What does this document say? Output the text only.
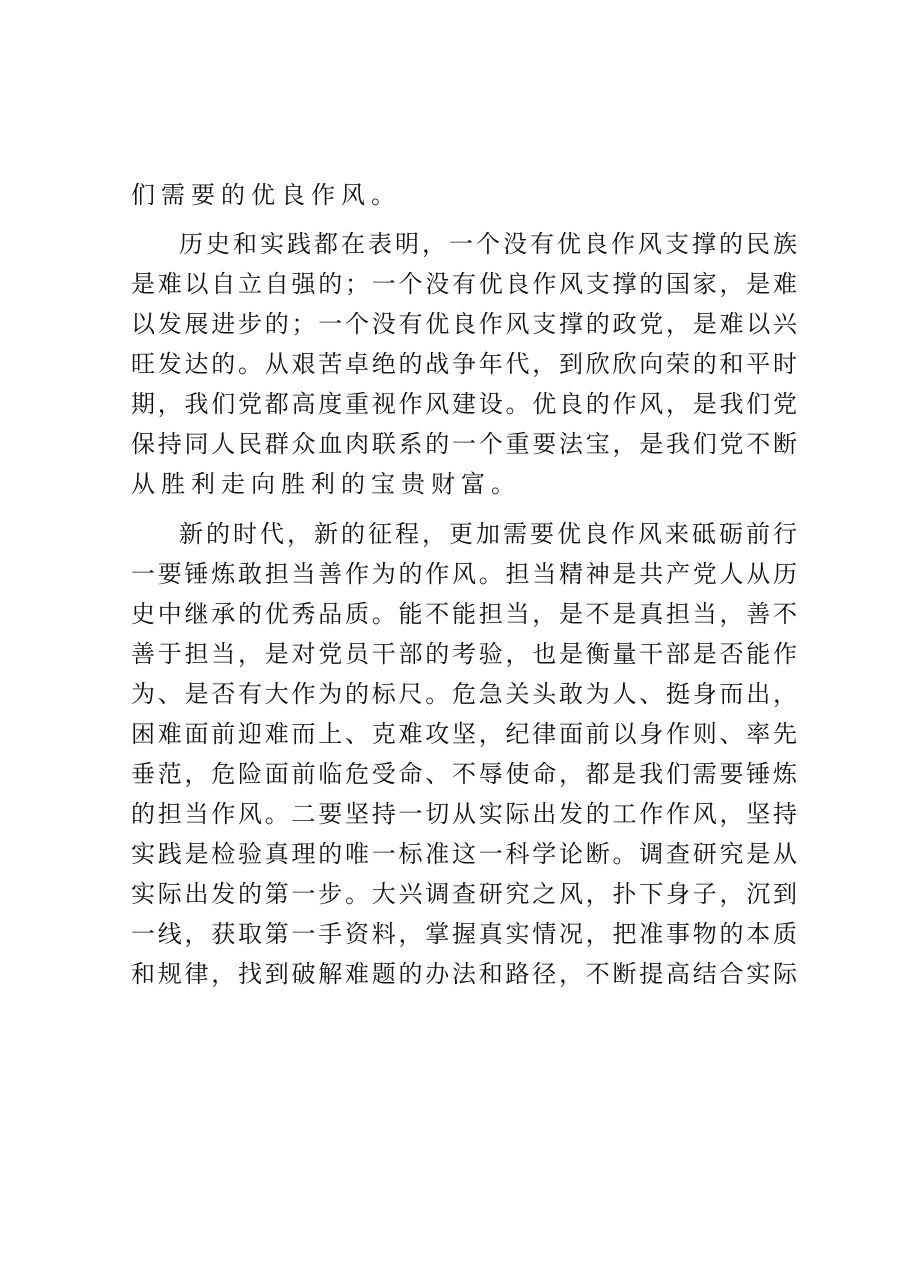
们需要的优良作风。
历史和实践都在表明，一个没有优良作风支撑的民族
是难以自立自强的；一个没有优良作风支撑的国家，是难
以发展进步的；一个没有优良作风支撑的政党，是难以兴
旺发达的。从艰苦卓绝的战争年代，到欣欣向荣的和平时
期，我们党都高度重视作风建设。优良的作风，是我们党
保持同人民群众血肉联系的一个重要法宝，是我们党不断
从胜利走向胜利的宝贵财富。
新的时代，新的征程，更加需要优良作风来砥砺前行
一要锤炼敢担当善作为的作风。担当精神是共产党人从历
史中继承的优秀品质。能不能担当，是不是真担当，善不
善于担当，是对党员干部的考验，也是衡量干部是否能作
为、是否有大作为的标尺。危急关头敢为人、挺身而出，
困难面前迎难而上、克难攻坚，纪律面前以身作则、率先
垂范，危险面前临危受命、不辱使命，都是我们需要锤炼
的担当作风。二要坚持一切从实际出发的工作作风，坚持
实践是检验真理的唯一标准这一科学论断。调查研究是从
实际出发的第一步。大兴调查研究之风，扑下身子，沉到
一线，获取第一手资料，掌握真实情况，把准事物的本质
和规律，找到破解难题的办法和路径，不断提高结合实际
